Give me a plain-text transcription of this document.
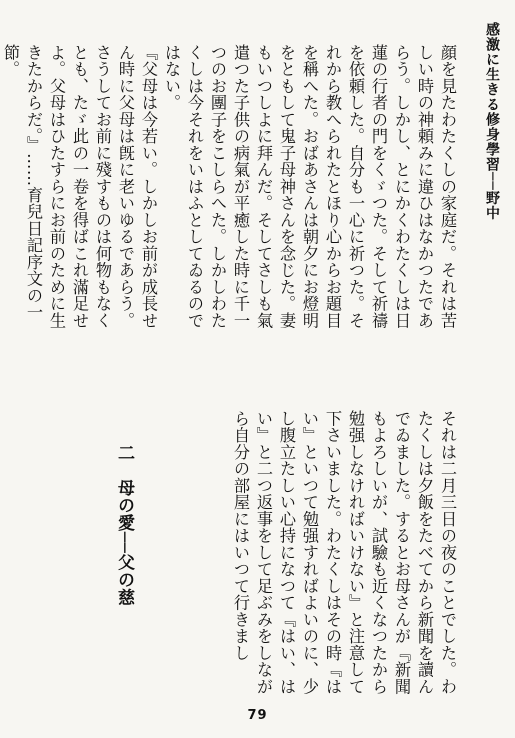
感激に生きる修身學習──野中

顔を見たわたくしの家庭だ。それは苦しい時の神頼みに違ひはなかつたであらう。しかし、とにかくわたくしは日蓮の行者の門をくゞつた。そして祈禱を依頼した。自分も一心に祈つた。それから教へられたとほり心からお題目を稱へた。おばあさんは朝夕にお燈明をともして鬼子母神さんを念じた。妻もいつしよに拜んだ。そしてさしも氣遣つた子供の病氣が平癒した時に千一つのお團子をこしらへた。しかしわたくしは今それをいはふとしてゐるのではない。

『父母は今若い。しかしお前が成長せん時に父母は旣に老いゆるであらう。さうしてお前に殘すものは何物もなくとも、たゞ此の一卷を得ばこれ滿足せよ。父母はひたすらにお前のために生きたからだ。』……育兒日記序文の一節。

それは二月三日の夜のことでした。わたくしは夕飯をたべてから新聞を讀んでゐました。するとお母さんが『新聞もよろしいが、試驗も近くなつたから勉强しなければいけない』と注意して下さいました。わたくしはその時『はい』といつて勉强すればよいのに、少し腹立たしい心持になつて『はい、はい』と二つ返事をして足ぶみをしながら自分の部屋にはいつて行きまし

二　母の愛──父の慈
79
